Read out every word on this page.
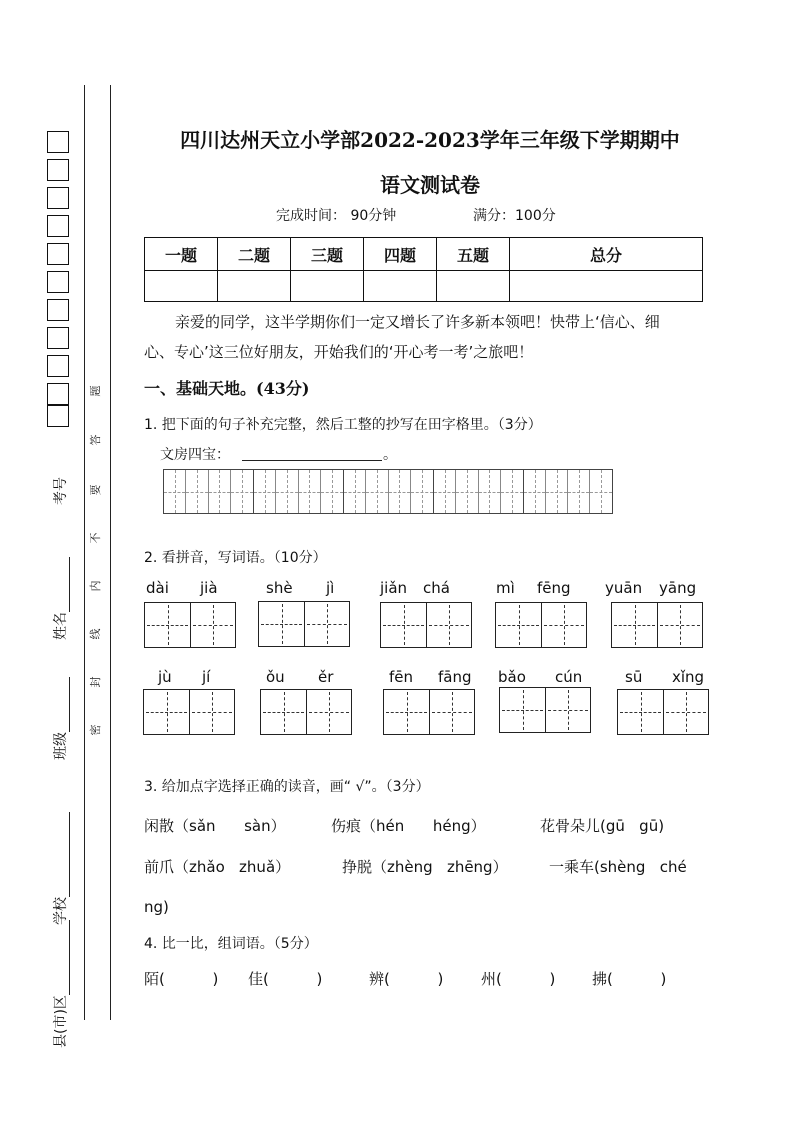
考号
姓名
班级
学校
县(市)区
题
答
要
不
内
线
封
密
四川达州天立小学部2022-2023学年三年级下学期期中
语文测试卷
完成时间： 90分钟	满分：100分
一题	二题	三题	四题	五题	总分

亲爱的同学，这半学期你们一定又增长了许多新本领吧！快带上‘信心、细
心、专心’这三位好朋友，开始我们的‘开心考一考’之旅吧！
一、基础天地。(43分)
1. 把下面的句子补充完整，然后工整的抄写在田字格里。（3分）
文房四宝：	。
2. 看拼音，写词语。（10分）
dài jià	shè jì	jiǎn chá	mì fēng yuān yāng
jù jí	ǒu ěr	fēn fāng bǎo cún	sū xǐng
3. 给加点字选择正确的读音，画“ √”。（3分）
闲散（sǎn      sàn）	伤痕（hén      héng）	花骨朵儿(gū   gū)
前爪（zhǎo   zhuǎ）	挣脱（zhèng   zhēng）	一乘车(shèng   ché
ng)
4. 比一比，组词语。（5分）
陌(          ) 佳(          )	辨(          )	州(          ) 拂(          )
